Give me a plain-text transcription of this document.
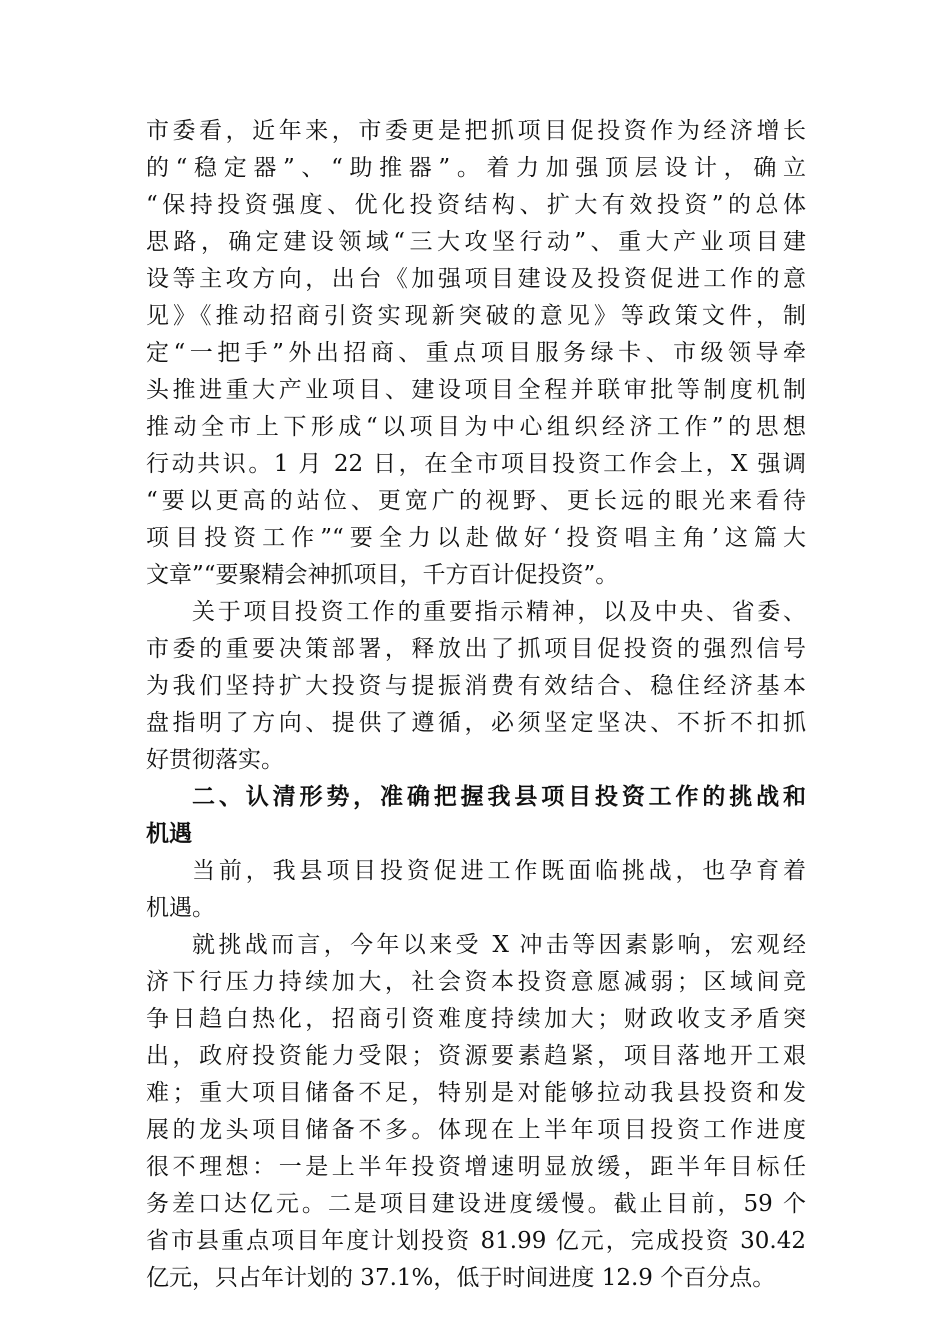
市委看，近年来，市委更是把抓项目促投资作为经济增长
的“稳定器”、“助推器”。着力加强顶层设计，确立
“保持投资强度、优化投资结构、扩大有效投资”的总体
思路，确定建设领域“三大攻坚行动”、重大产业项目建
设等主攻方向，出台《加强项目建设及投资促进工作的意
见》《推动招商引资实现新突破的意见》等政策文件，制
定“一把手”外出招商、重点项目服务绿卡、市级领导牵
头推进重大产业项目、建设项目全程并联审批等制度机制
推动全市上下形成“以项目为中心组织经济工作”的思想
行动共识。1 月 22 日，在全市项目投资工作会上，X 强调
“要以更高的站位、更宽广的视野、更长远的眼光来看待
项目投资工作”“要全力以赴做好‘投资唱主角’这篇大
文章”“要聚精会神抓项目，千方百计促投资”。
关于项目投资工作的重要指示精神，以及中央、省委、
市委的重要决策部署，释放出了抓项目促投资的强烈信号
为我们坚持扩大投资与提振消费有效结合、稳住经济基本
盘指明了方向、提供了遵循，必须坚定坚决、不折不扣抓
好贯彻落实。
二、认清形势，准确把握我县项目投资工作的挑战和
机遇
当前，我县项目投资促进工作既面临挑战，也孕育着
机遇。
就挑战而言，今年以来受 X 冲击等因素影响，宏观经
济下行压力持续加大，社会资本投资意愿减弱；区域间竞
争日趋白热化，招商引资难度持续加大；财政收支矛盾突
出，政府投资能力受限；资源要素趋紧，项目落地开工艰
难；重大项目储备不足，特别是对能够拉动我县投资和发
展的龙头项目储备不多。体现在上半年项目投资工作进度
很不理想：一是上半年投资增速明显放缓，距半年目标任
务差口达亿元。二是项目建设进度缓慢。截止目前，59 个
省市县重点项目年度计划投资 81.99 亿元，完成投资 30.42
亿元，只占年计划的 37.1%，低于时间进度 12.9 个百分点。
